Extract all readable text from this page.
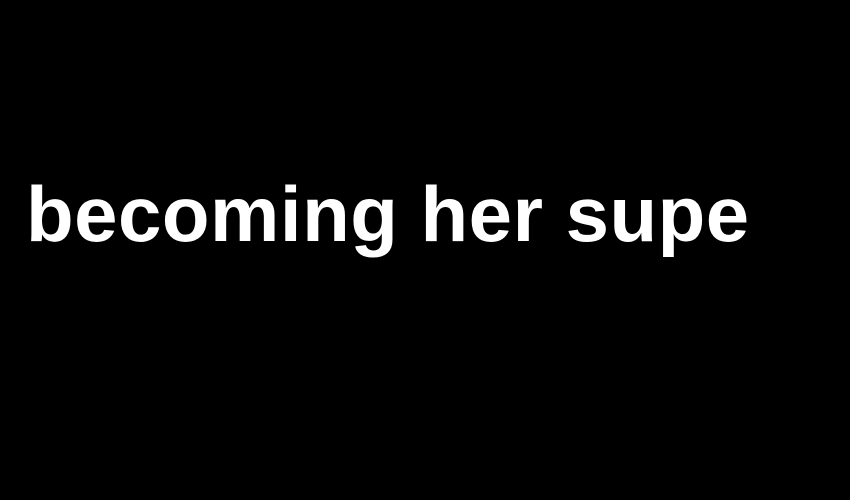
becoming her supe
